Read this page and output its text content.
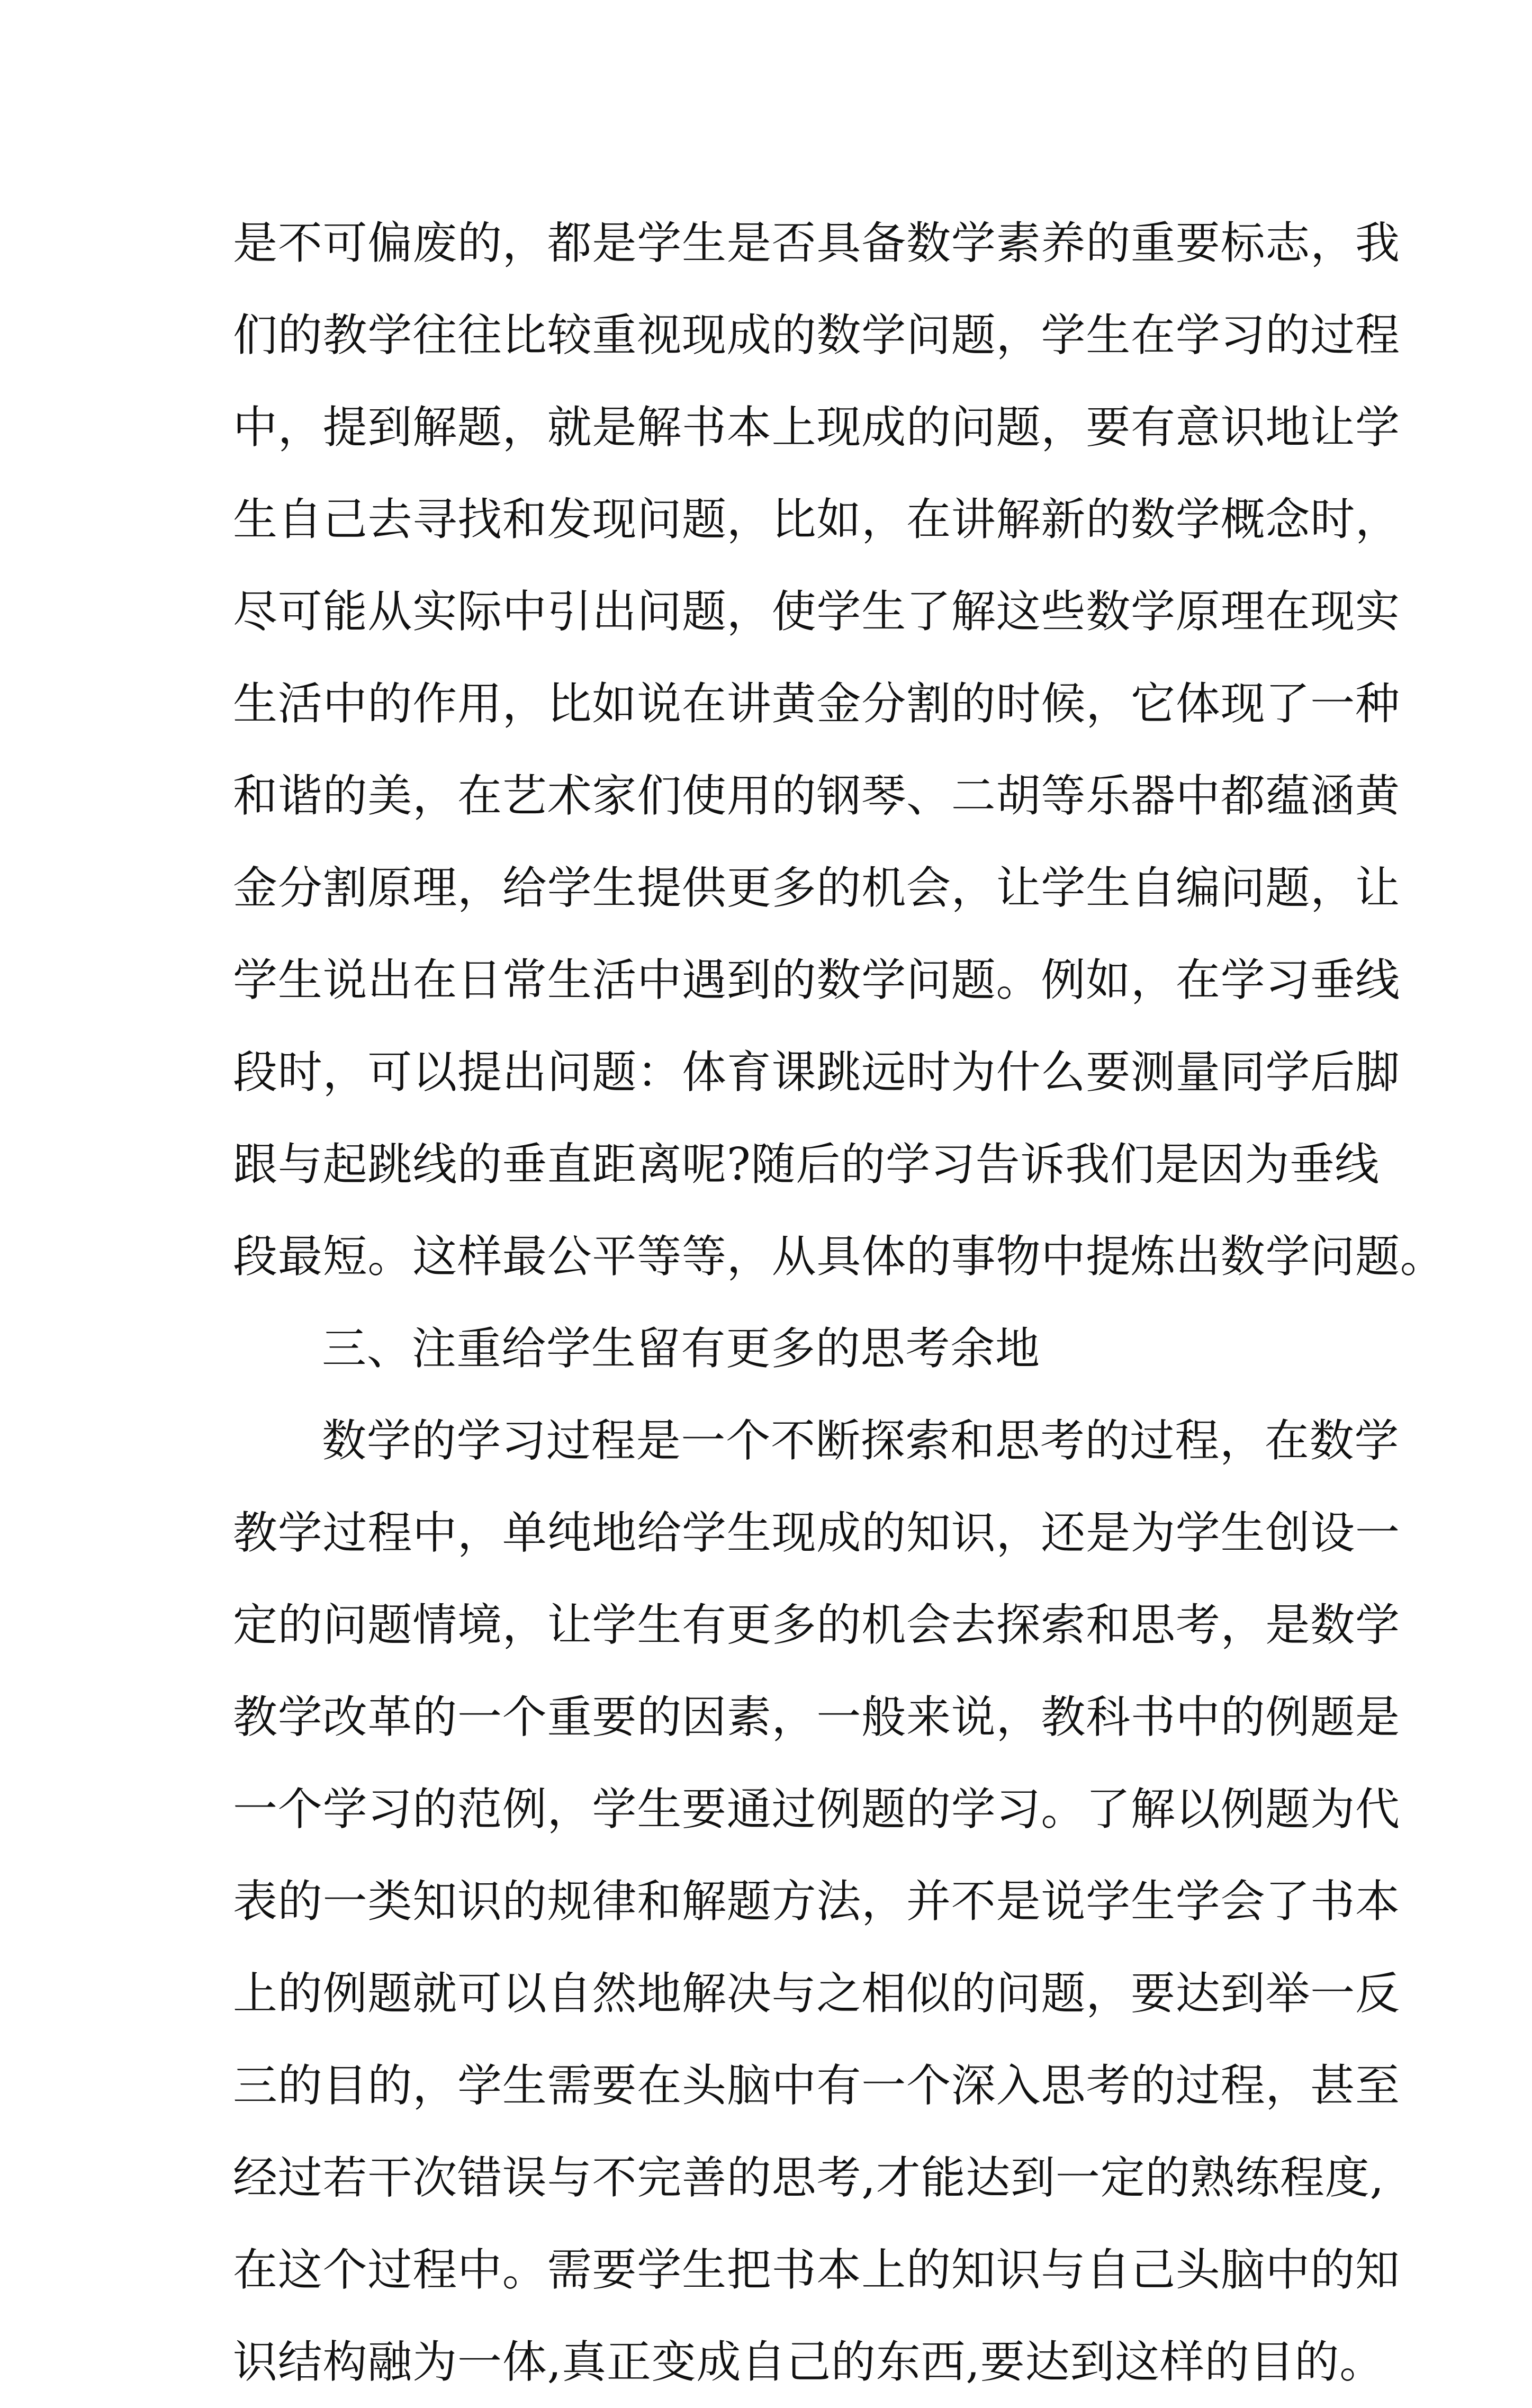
是不可偏废的，都是学生是否具备数学素养的重要标志，我
们的教学往往比较重视现成的数学问题，学生在学习的过程
中，提到解题，就是解书本上现成的问题，要有意识地让学
生自己去寻找和发现问题，比如，在讲解新的数学概念时，
尽可能从实际中引出问题，使学生了解这些数学原理在现实
生活中的作用，比如说在讲黄金分割的时候，它体现了一种
和谐的美，在艺术家们使用的钢琴、二胡等乐器中都蕴涵黄
金分割原理，给学生提供更多的机会，让学生自编问题，让
学生说出在日常生活中遇到的数学问题。例如，在学习垂线
段时，可以提出问题：体育课跳远时为什么要测量同学后脚
跟与起跳线的垂直距离呢?随后的学习告诉我们是因为垂线
段最短。这样最公平等等，从具体的事物中提炼出数学问题。
三、注重给学生留有更多的思考余地
数学的学习过程是一个不断探索和思考的过程，在数学
教学过程中，单纯地给学生现成的知识，还是为学生创设一
定的问题情境，让学生有更多的机会去探索和思考，是数学
教学改革的一个重要的因素，一般来说，教科书中的例题是
一个学习的范例，学生要通过例题的学习。了解以例题为代
表的一类知识的规律和解题方法，并不是说学生学会了书本
上的例题就可以自然地解决与之相似的问题，要达到举一反
三的目的，学生需要在头脑中有一个深入思考的过程，甚至
经过若干次错误与不完善的思考,才能达到一定的熟练程度,
在这个过程中。需要学生把书本上的知识与自己头脑中的知
识结构融为一体,真正变成自己的东西,要达到这样的目的。
